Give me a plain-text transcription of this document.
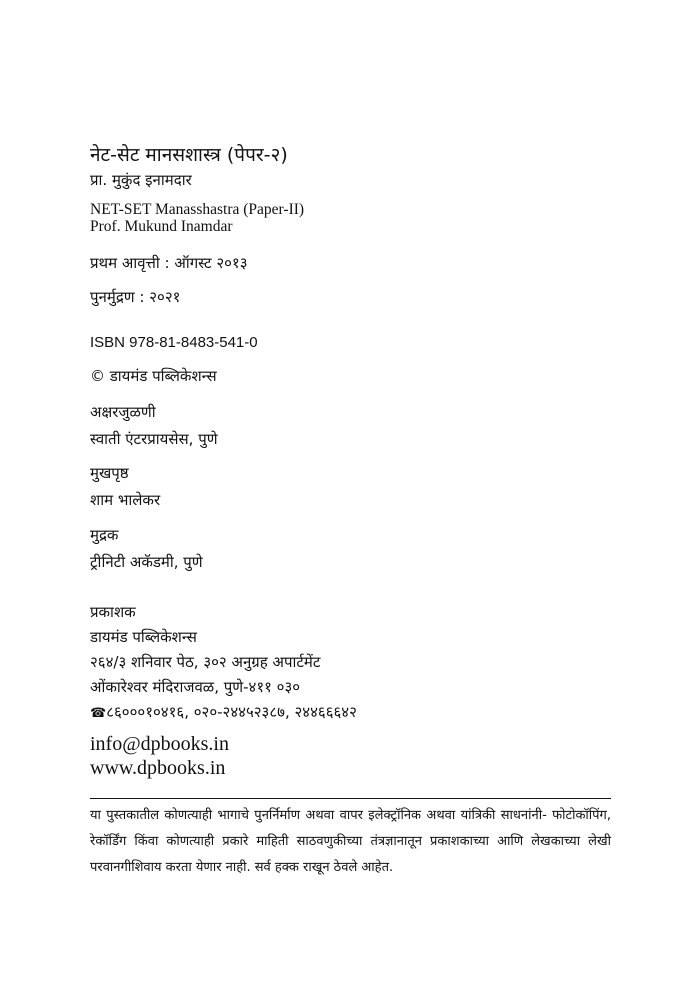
नेट-सेट मानसशास्त्र (पेपर-२)
प्रा. मुकुंद इनामदार
NET-SET Manasshastra (Paper-II)
Prof. Mukund Inamdar
प्रथम आवृत्ती : ऑगस्ट २०१३
पुनर्मुद्रण : २०२१
ISBN 978-81-8483-541-0
© डायमंड पब्लिकेशन्स
अक्षरजुळणी
स्वाती एंटरप्रायसेस, पुणे
मुखपृष्ठ
शाम भालेकर
मुद्रक
ट्रीनिटी अकॅडमी, पुणे
प्रकाशक
डायमंड पब्लिकेशन्स
२६४/३ शनिवार पेठ, ३०२ अनुग्रह अपार्टमेंट
ओंकारेश्वर मंदिराजवळ, पुणे-४११ ०३०
☎८६०००१०४१६, ०२०-२४४५२३८७, २४४६६६४२
info@dpbooks.in
www.dpbooks.in
या पुस्तकातील कोणत्याही भागाचे पुनर्निर्माण अथवा वापर इलेक्ट्रॉनिक अथवा यांत्रिकी साधनांनी- फोटोकॉपिंग, रेकॉर्डिंग किंवा कोणत्याही प्रकारे माहिती साठवणुकीच्या तंत्रज्ञानातून प्रकाशकाच्या आणि लेखकाच्या लेखी परवानगीशिवाय करता येणार नाही. सर्व हक्क राखून ठेवले आहेत.
